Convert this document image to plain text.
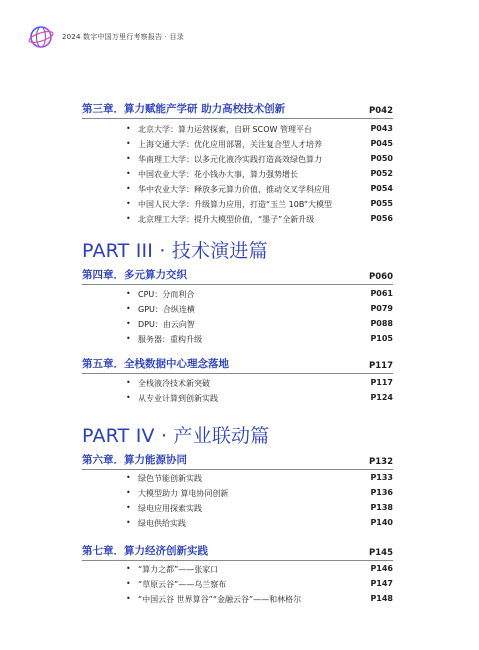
2024 数字中国万里行考察报告 · 目录
第三章．算力赋能产学研 助力高校技术创新	P042
• 北京大学：算力运营探索，自研 SCOW 管理平台	P043
• 上海交通大学：优化应用部署，关注复合型人才培养	P045
• 华南理工大学：以多元化液冷实践打造高效绿色算力	P050
• 中国农业大学：花小钱办大事，算力强势增长	P052
• 华中农业大学：释放多元算力价值，推动交叉学科应用	P054
• 中国人民大学：升级算力应用，打造“玉兰 10B”大模型	P055
• 北京理工大学：提升大模型价值，“墨子”全新升级	P056
PART III · 技术演进篇
第四章．多元算力交织	P060
• CPU：分而利合	P061
• GPU：合纵连横	P079
• DPU：由云向智	P088
• 服务器：重构升级	P105
第五章．全栈数据中心理念落地	P117
• 全栈液冷技术新突破	P117
• 从专业计算到创新实践	P124
PART IV · 产业联动篇
第六章．算力能源协同	P132
• 绿色节能创新实践	P133
• 大模型助力 算电协同创新	P136
• 绿电应用探索实践	P138
• 绿电供给实践	P140
第七章．算力经济创新实践	P145
• “算力之都”——张家口	P146
• “草原云谷”——乌兰察布	P147
• “中国云谷 世界算谷”“金融云谷”——和林格尔	P148
